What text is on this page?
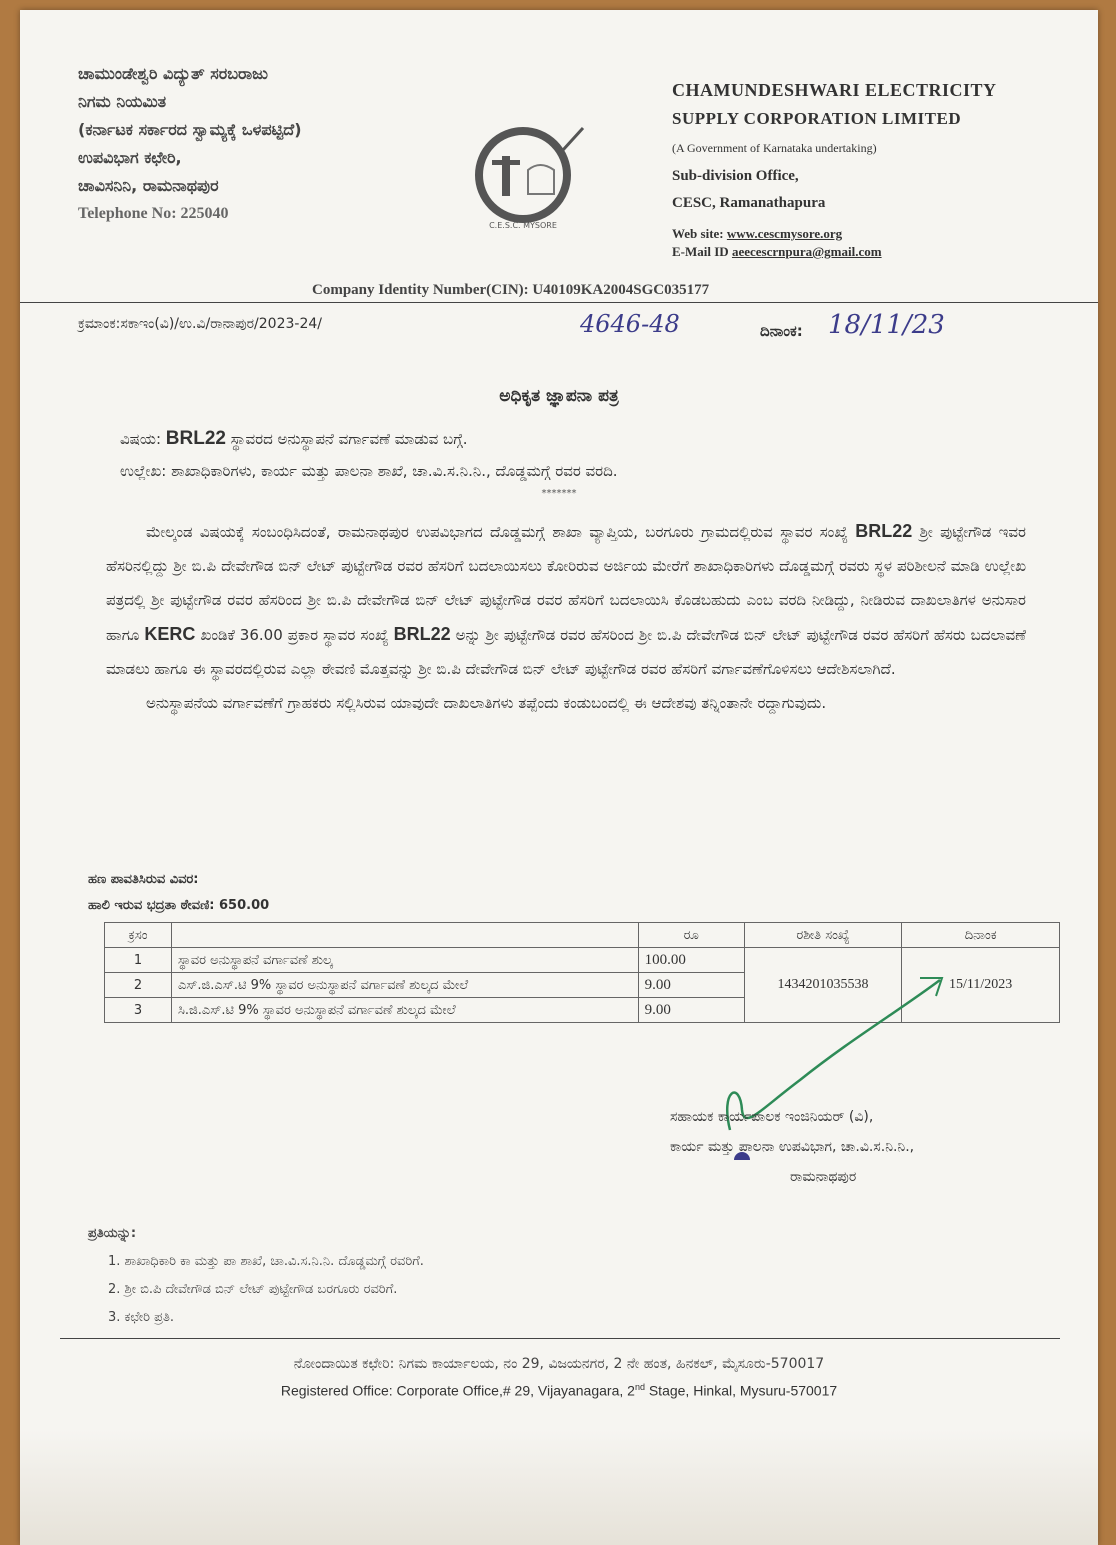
ಚಾಮುಂಡೇಶ್ವರಿ ವಿದ್ಯುತ್ ಸರಬರಾಜು
ನಿಗಮ ನಿಯಮಿತ
(ಕರ್ನಾಟಕ ಸರ್ಕಾರದ ಸ್ವಾಮ್ಯಕ್ಕೆ ಒಳಪಟ್ಟಿದೆ)
ಉಪವಿಭಾಗ ಕಛೇರಿ,
ಚಾವಿಸನಿನಿ, ರಾಮನಾಥಪುರ
Telephone No: 225040
C.E.S.C. MYSORE
CHAMUNDESHWARI ELECTRICITY
SUPPLY CORPORATION LIMITED
(A Government of Karnataka undertaking)
Sub-division Office,
CESC, Ramanathapura
Web site: www.cescmysore.org
E-Mail ID aeecescrnpura@gmail.com
Company Identity Number(CIN): U40109KA2004SGC035177
ಕ್ರಮಾಂಕ:ಸಕಾಇಂ(ವಿ)/ಉ.ವಿ/ರಾನಾಪುರ/2023-24/	4646-48	ದಿನಾಂಕ: 18/11/23
ಅಧಿಕೃತ ಜ್ಞಾಪನಾ ಪತ್ರ
ವಿಷಯ: BRL22 ಸ್ಥಾವರದ ಅನುಸ್ಥಾಪನೆ ವರ್ಗಾವಣೆ ಮಾಡುವ ಬಗ್ಗೆ.
ಉಲ್ಲೇಖ: ಶಾಖಾಧಿಕಾರಿಗಳು, ಕಾರ್ಯ ಮತ್ತು ಪಾಲನಾ ಶಾಖೆ, ಚಾ.ವಿ.ಸ.ನಿ.ನಿ., ದೊಡ್ಡಮಗ್ಗೆ ರವರ ವರದಿ.
*******

ಮೇಲ್ಕಂಡ ವಿಷಯಕ್ಕೆ ಸಂಬಂಧಿಸಿದಂತೆ, ರಾಮನಾಥಪುರ ಉಪವಿಭಾಗದ ದೊಡ್ಡಮಗ್ಗೆ ಶಾಖಾ ವ್ಯಾಪ್ತಿಯ, ಬರಗೂರು ಗ್ರಾಮದಲ್ಲಿರುವ ಸ್ಥಾವರ ಸಂಖ್ಯೆ BRL22 ಶ್ರೀ ಪುಟ್ಟೇಗೌಡ ಇವರ ಹೆಸರಿನಲ್ಲಿದ್ದು ಶ್ರೀ ಬಿ.ಪಿ ದೇವೇಗೌಡ ಬಿನ್ ಲೇಟ್ ಪುಟ್ಟೇಗೌಡ ರವರ ಹೆಸರಿಗೆ ಬದಲಾಯಿಸಲು ಕೋರಿರುವ ಅರ್ಜಿಯ ಮೇರೆಗೆ ಶಾಖಾಧಿಕಾರಿಗಳು ದೊಡ್ಡಮಗ್ಗೆ ರವರು ಸ್ಥಳ ಪರಿಶೀಲನೆ ಮಾಡಿ ಉಲ್ಲೇಖ ಪತ್ರದಲ್ಲಿ ಶ್ರೀ ಪುಟ್ಟೇಗೌಡ ರವರ ಹೆಸರಿಂದ ಶ್ರೀ ಬಿ.ಪಿ ದೇವೇಗೌಡ ಬಿನ್ ಲೇಟ್ ಪುಟ್ಟೇಗೌಡ ರವರ ಹೆಸರಿಗೆ ಬದಲಾಯಿಸಿ ಕೊಡಬಹುದು ಎಂಬ ವರದಿ ನೀಡಿದ್ದು, ನೀಡಿರುವ ದಾಖಲಾತಿಗಳ ಅನುಸಾರ ಹಾಗೂ KERC ಖಂಡಿಕೆ 36.00 ಪ್ರಕಾರ ಸ್ಥಾವರ ಸಂಖ್ಯೆ BRL22 ಅನ್ನು ಶ್ರೀ ಪುಟ್ಟೇಗೌಡ ರವರ ಹೆಸರಿಂದ ಶ್ರೀ ಬಿ.ಪಿ ದೇವೇಗೌಡ ಬಿನ್ ಲೇಟ್ ಪುಟ್ಟೇಗೌಡ ರವರ ಹೆಸರಿಗೆ ಹೆಸರು ಬದಲಾವಣೆ ಮಾಡಲು ಹಾಗೂ ಈ ಸ್ಥಾವರದಲ್ಲಿರುವ ಎಲ್ಲಾ ಠೇವಣಿ ಮೊತ್ತವನ್ನು ಶ್ರೀ ಬಿ.ಪಿ ದೇವೇಗೌಡ ಬಿನ್ ಲೇಟ್ ಪುಟ್ಟೇಗೌಡ ರವರ ಹೆಸರಿಗೆ ವರ್ಗಾವಣೆಗೊಳಿಸಲು ಆದೇಶಿಸಲಾಗಿದೆ.

ಅನುಸ್ಥಾಪನೆಯ ವರ್ಗಾವಣೆಗೆ ಗ್ರಾಹಕರು ಸಲ್ಲಿಸಿರುವ ಯಾವುದೇ ದಾಖಲಾತಿಗಳು ತಪ್ಪೆಂದು ಕಂಡುಬಂದಲ್ಲಿ ಈ ಆದೇಶವು ತನ್ನಿಂತಾನೇ ರದ್ದಾಗುವುದು.

ಹಣ ಪಾವತಿಸಿರುವ ವಿವರ:
ಹಾಲಿ ಇರುವ ಭದ್ರತಾ ಠೇವಣಿ: 650.00
ಕ್ರಸಂ		ರೂ	ರಶೀತಿ ಸಂಖ್ಯೆ	ದಿನಾಂಕ
1	ಸ್ಥಾವರ ಅನುಸ್ಥಾಪನೆ ವರ್ಗಾವಣೆ ಶುಲ್ಕ	100.00	1434201035538	15/11/2023
2	ಎಸ್.ಜಿ.ಎಸ್.ಟಿ 9% ಸ್ಥಾವರ ಅನುಸ್ಥಾಪನೆ ವರ್ಗಾವಣೆ ಶುಲ್ಕದ ಮೇಲೆ	9.00		
3	ಸಿ.ಜಿ.ಎಸ್.ಟಿ 9% ಸ್ಥಾವರ ಅನುಸ್ಥಾಪನೆ ವರ್ಗಾವಣೆ ಶುಲ್ಕದ ಮೇಲೆ	9.00		
ಸಹಾಯಕ ಕಾರ್ಯಪಾಲಕ ಇಂಜಿನಿಯರ್ (ವಿ),
ಕಾರ್ಯ ಮತ್ತು ಪಾಲನಾ ಉಪವಿಭಾಗ, ಚಾ.ವಿ.ಸ.ನಿ.ನಿ.,
ರಾಮನಾಥಪುರ
ಪ್ರತಿಯನ್ನು:
1. ಶಾಖಾಧಿಕಾರಿ ಕಾ ಮತ್ತು ಪಾ ಶಾಖೆ, ಚಾ.ವಿ.ಸ.ನಿ.ನಿ. ದೊಡ್ಡಮಗ್ಗೆ ರವರಿಗೆ.
2. ಶ್ರೀ ಬಿ.ಪಿ ದೇವೇಗೌಡ ಬಿನ್ ಲೇಟ್ ಪುಟ್ಟೇಗೌಡ ಬರಗೂರು ರವರಿಗೆ.
3. ಕಛೇರಿ ಪ್ರತಿ.
ನೋಂದಾಯಿತ ಕಛೇರಿ: ನಿಗಮ ಕಾರ್ಯಾಲಯ, ನಂ 29, ವಿಜಯನಗರ, 2 ನೇ ಹಂತ, ಹಿನಕಲ್, ಮೈಸೂರು-570017
Registered Office: Corporate Office,# 29, Vijayanagara, 2nd Stage, Hinkal, Mysuru-570017
